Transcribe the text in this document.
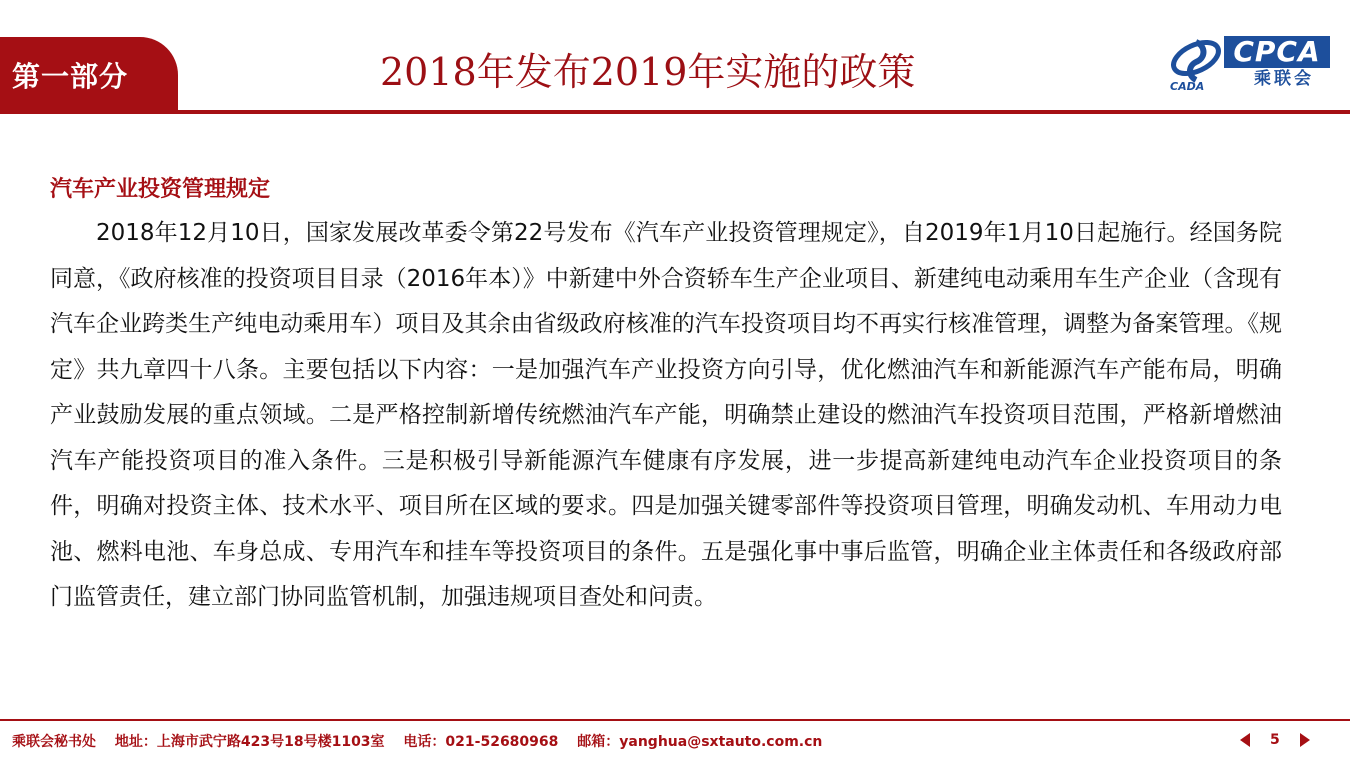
第一部分	2018年发布2019年实施的政策	CADA
CPCA
乘联会
汽车产业投资管理规定

2018年12月10日，国家发展改革委令第22号发布《汽车产业投资管理规定》，自2019年1月10日起施行。经国务院同意，《政府核准的投资项目目录（2016年本）》中新建中外合资轿车生产企业项目、新建纯电动乘用车生产企业（含现有汽车企业跨类生产纯电动乘用车）项目及其余由省级政府核准的汽车投资项目均不再实行核准管理，调整为备案管理。《规定》共九章四十八条。主要包括以下内容：一是加强汽车产业投资方向引导，优化燃油汽车和新能源汽车产能布局，明确产业鼓励发展的重点领域。二是严格控制新增传统燃油汽车产能，明确禁止建设的燃油汽车投资项目范围，严格新增燃油汽车产能投资项目的准入条件。三是积极引导新能源汽车健康有序发展，进一步提高新建纯电动汽车企业投资项目的条件，明确对投资主体、技术水平、项目所在区域的要求。四是加强关键零部件等投资项目管理，明确发动机、车用动力电池、燃料电池、车身总成、专用汽车和挂车等投资项目的条件。五是强化事中事后监管，明确企业主体责任和各级政府部门监管责任，建立部门协同监管机制，加强违规项目查处和问责。

乘联会秘书处 地址：上海市武宁路423号18号楼1103室 电话：021-52680968 邮箱：yanghua@sxtauto.com.cn	5
